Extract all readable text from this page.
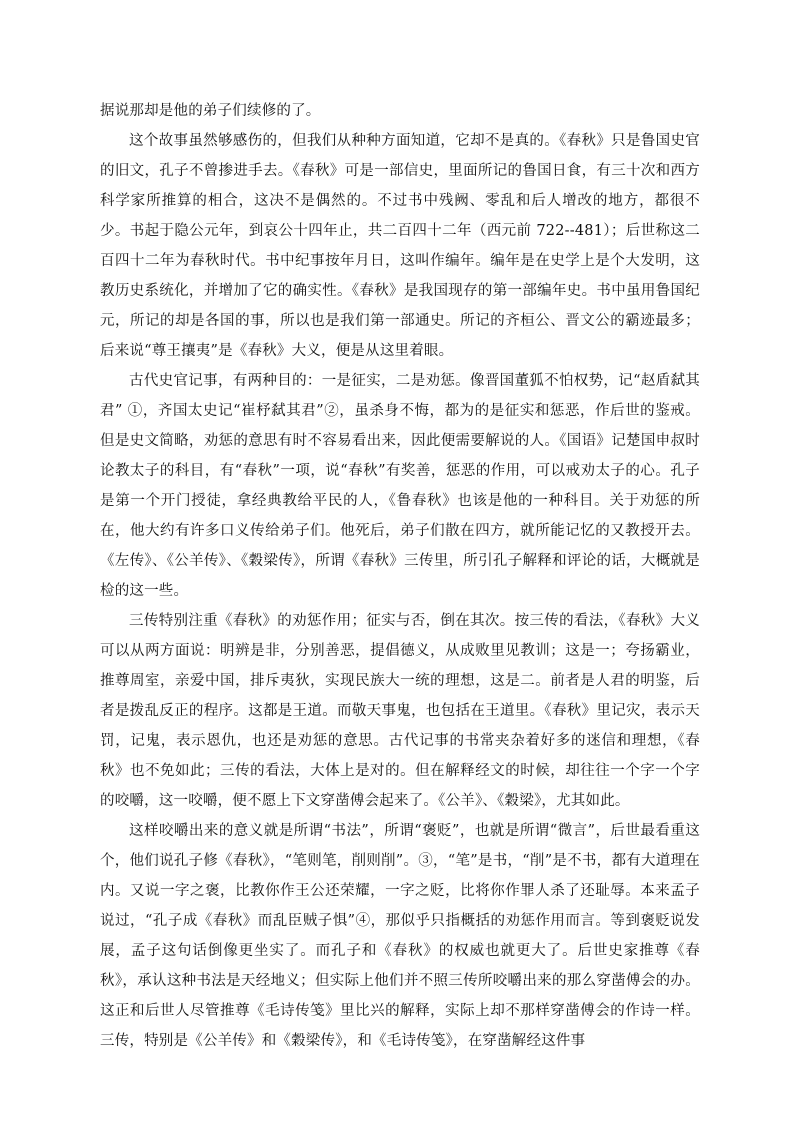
据说那却是他的弟子们续修的了。

这个故事虽然够感伤的，但我们从种种方面知道，它却不是真的。《春秋》只是鲁国史官的旧文，孔子不曾掺进手去。《春秋》可是一部信史，里面所记的鲁国日食，有三十次和西方科学家所推算的相合，这决不是偶然的。不过书中残阙、零乱和后人增改的地方，都很不少。书起于隐公元年，到哀公十四年止，共二百四十二年（西元前 722--481）；后世称这二百四十二年为春秋时代。书中纪事按年月日，这叫作编年。编年是在史学上是个大发明，这教历史系统化，并增加了它的确实性。《春秋》是我国现存的第一部编年史。书中虽用鲁国纪元，所记的却是各国的事，所以也是我们第一部通史。所记的齐桓公、晋文公的霸迹最多；后来说“尊王攘夷”是《春秋》大义，便是从这里着眼。

古代史官记事，有两种目的：一是征实，二是劝惩。像晋国董狐不怕权势，记“赵盾弑其君” ①，齐国太史记“崔杼弑其君”②，虽杀身不悔，都为的是征实和惩恶，作后世的鉴戒。但是史文简略，劝惩的意思有时不容易看出来，因此便需要解说的人。《国语》记楚国申叔时论教太子的科目，有“春秋”一项，说“春秋”有奖善，惩恶的作用，可以戒劝太子的心。孔子是第一个开门授徒，拿经典教给平民的人，《鲁春秋》也该是他的一种科目。关于劝惩的所在，他大约有许多口义传给弟子们。他死后，弟子们散在四方，就所能记忆的又教授开去。《左传》、《公羊传》、《穀梁传》，所谓《春秋》三传里，所引孔子解释和评论的话，大概就是检的这一些。

三传特别注重《春秋》的劝惩作用；征实与否，倒在其次。按三传的看法，《春秋》大义可以从两方面说：明辨是非，分别善恶，提倡德义，从成败里见教训；这是一；夸扬霸业，推尊周室，亲爱中国，排斥夷狄，实现民族大一统的理想，这是二。前者是人君的明鉴，后者是拨乱反正的程序。这都是王道。而敬天事鬼，也包括在王道里。《春秋》里记灾，表示天罚，记鬼，表示恩仇，也还是劝惩的意思。古代记事的书常夹杂着好多的迷信和理想，《春秋》也不免如此；三传的看法，大体上是对的。但在解释经文的时候，却往往一个字一个字的咬嚼，这一咬嚼，便不愿上下文穿凿傅会起来了。《公羊》、《穀梁》，尤其如此。

这样咬嚼出来的意义就是所谓“书法”，所谓“褒贬”，也就是所谓“微言”，后世最看重这个，他们说孔子修《春秋》，“笔则笔，削则削”。③，“笔”是书，“削”是不书，都有大道理在内。又说一字之褒，比教你作王公还荣耀，一字之贬，比将你作罪人杀了还耻辱。本来孟子说过，“孔子成《春秋》而乱臣贼子惧”④，那似乎只指概括的劝惩作用而言。等到褒贬说发展，孟子这句话倒像更坐实了。而孔子和《春秋》的权威也就更大了。后世史家推尊《春秋》，承认这种书法是天经地义；但实际上他们并不照三传所咬嚼出来的那么穿凿傅会的办。这正和后世人尽管推尊《毛诗传笺》里比兴的解释，实际上却不那样穿凿傅会的作诗一样。三传，特别是《公羊传》和《穀梁传》，和《毛诗传笺》，在穿凿解经这件事
